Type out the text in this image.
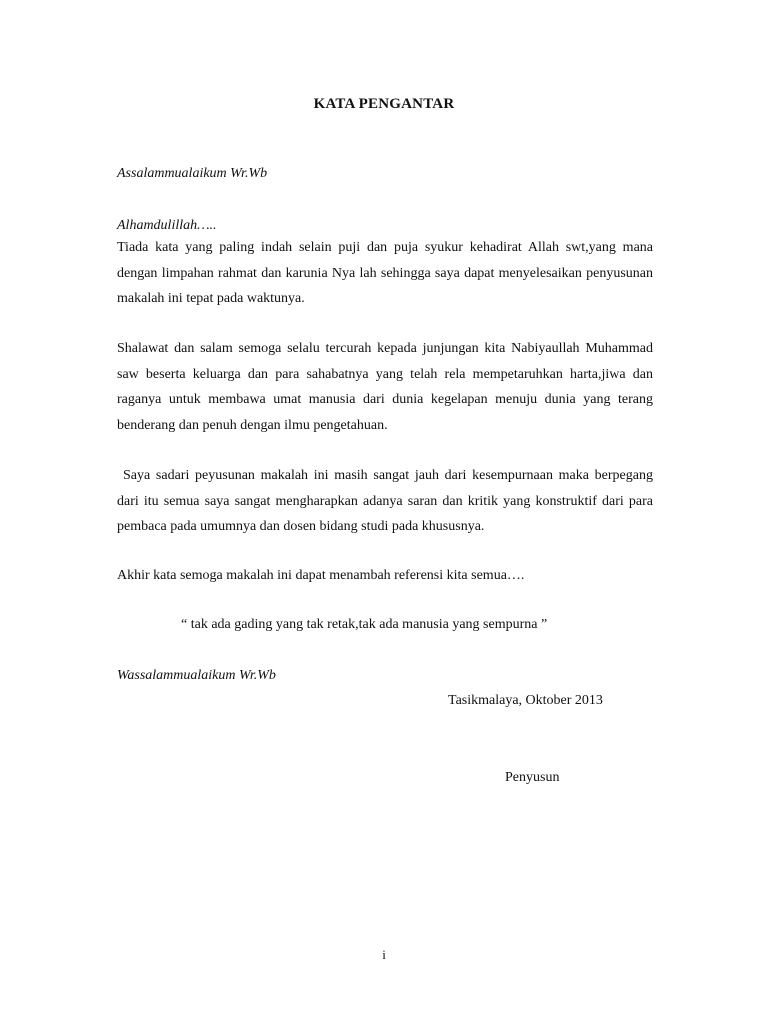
KATA PENGANTAR
Assalammualaikum Wr.Wb
Alhamdulillah…..
Tiada kata yang paling indah selain puji dan puja syukur kehadirat Allah swt,yang mana dengan limpahan rahmat dan karunia Nya lah sehingga saya dapat menyelesaikan penyusunan makalah ini tepat pada waktunya.
Shalawat dan salam semoga selalu tercurah kepada junjungan kita Nabiyaullah Muhammad saw beserta keluarga dan para sahabatnya yang telah rela mempetaruhkan harta,jiwa dan raganya untuk membawa umat manusia dari dunia kegelapan menuju dunia yang terang benderang dan penuh dengan ilmu pengetahuan.
Saya sadari peyusunan makalah ini masih sangat jauh dari kesempurnaan maka berpegang dari itu semua saya sangat mengharapkan adanya saran dan kritik yang konstruktif dari para pembaca pada umumnya dan dosen bidang studi pada khususnya.
Akhir kata semoga makalah ini dapat menambah referensi kita semua….
“ tak ada gading yang tak retak,tak ada manusia yang sempurna ”
Wassalammualaikum Wr.Wb
Tasikmalaya, Oktober 2013
Penyusun
i
